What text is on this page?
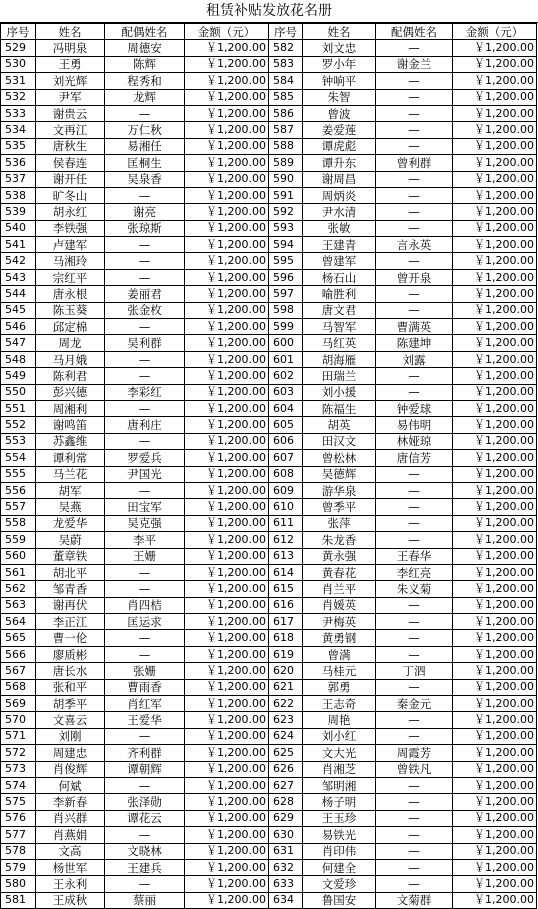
租赁补贴发放花名册
序号	姓名	配偶姓名	金额（元）	序号	姓名	配偶姓名	金额（元）
529	冯明泉	周德安	￥1,200.00	582	刘文忠	—	￥1,200.00
530	王勇	陈辉	￥1,200.00	583	罗小年	谢金兰	￥1,200.00
531	刘光辉	程秀和	￥1,200.00	584	钟响平	—	￥1,200.00
532	尹军	龙辉	￥1,200.00	585	朱智	—	￥1,200.00
533	谢贵云	—	￥1,200.00	586	曾波	—	￥1,200.00
534	文再江	万仁秋	￥1,200.00	587	姜爱莲	—	￥1,200.00
535	唐秋生	易湘任	￥1,200.00	588	谭虎彪	—	￥1,200.00
536	侯春连	匡桐生	￥1,200.00	589	谭升东	曾利群	￥1,200.00
537	谢开任	吴泉香	￥1,200.00	590	谢周昌	—	￥1,200.00
538	旷冬山	—	￥1,200.00	591	周炳炎	—	￥1,200.00
539	胡永红	谢亮	￥1,200.00	592	尹水清	—	￥1,200.00
540	李铁强	张琼斯	￥1,200.00	593	张敏	—	￥1,200.00
541	卢建军	—	￥1,200.00	594	王建青	言永英	￥1,200.00
542	马湘玲	—	￥1,200.00	595	曾建军	—	￥1,200.00
543	宗红平	—	￥1,200.00	596	杨石山	曾开泉	￥1,200.00
544	唐永根	姜丽君	￥1,200.00	597	喻胜利	—	￥1,200.00
545	陈玉葵	张金枚	￥1,200.00	598	唐文君	—	￥1,200.00
546	邱定棉	—	￥1,200.00	599	马智军	曹满英	￥1,200.00
547	周龙	吴利群	￥1,200.00	600	马红英	陈建坤	￥1,200.00
548	马月娥	—	￥1,200.00	601	胡海雁	刘露	￥1,200.00
549	陈利君	—	￥1,200.00	602	田瑞兰	—	￥1,200.00
550	彭兴德	李彩红	￥1,200.00	603	刘小援	—	￥1,200.00
551	周湘利	—	￥1,200.00	604	陈福生	钟爱球	￥1,200.00
552	谢鸣笛	唐利庄	￥1,200.00	605	胡英	易伟明	￥1,200.00
553	苏鑫维	—	￥1,200.00	606	田汉文	林娅琼	￥1,200.00
554	谭利常	罗爱兵	￥1,200.00	607	曾松林	唐信芳	￥1,200.00
555	马兰花	尹国光	￥1,200.00	608	吴德辉	—	￥1,200.00
556	胡军	—	￥1,200.00	609	游华泉	—	￥1,200.00
557	吴燕	田宝军	￥1,200.00	610	曾季平	—	￥1,200.00
558	龙爱华	吴克强	￥1,200.00	611	张萍	—	￥1,200.00
559	吴蔚	李平	￥1,200.00	612	朱龙香	—	￥1,200.00
560	董章铁	王姗	￥1,200.00	613	黄永强	王春华	￥1,200.00
561	胡北平	—	￥1,200.00	614	黄春花	李红亮	￥1,200.00
562	邹青香	—	￥1,200.00	615	肖兰平	朱义菊	￥1,200.00
563	谢再伏	肖四桔	￥1,200.00	616	肖媛英	—	￥1,200.00
564	李正江	匡运求	￥1,200.00	617	尹梅英	—	￥1,200.00
565	曹一伦	—	￥1,200.00	618	黄勇钢	—	￥1,200.00
566	廖质彬	—	￥1,200.00	619	曾满	—	￥1,200.00
567	唐长水	张姗	￥1,200.00	620	马桂元	丁泗	￥1,200.00
568	张和平	曹雨香	￥1,200.00	621	郭勇	—	￥1,200.00
569	胡季平	肖红军	￥1,200.00	622	王志奇	秦金元	￥1,200.00
570	文喜云	王爱华	￥1,200.00	623	周艳	—	￥1,200.00
571	刘刚	—	￥1,200.00	624	刘小红	—	￥1,200.00
572	周建忠	齐利群	￥1,200.00	625	文大光	周霞芳	￥1,200.00
573	肖俊辉	谭朝辉	￥1,200.00	626	肖湘芝	曾铁凡	￥1,200.00
574	何斌	—	￥1,200.00	627	邹明湘	—	￥1,200.00
575	李新春	张泽勋	￥1,200.00	628	杨子明	—	￥1,200.00
576	肖兴群	谭花云	￥1,200.00	629	王玉珍	—	￥1,200.00
577	肖燕娟	—	￥1,200.00	630	易铁光	—	￥1,200.00
578	文高	文晓林	￥1,200.00	631	肖印伟	—	￥1,200.00
579	杨世军	王建兵	￥1,200.00	632	何建全	—	￥1,200.00
580	王永利	—	￥1,200.00	633	文爱珍	—	￥1,200.00
581	王成秋	蔡丽	￥1,200.00	634	鲁国安	文菊群	￥1,200.00
